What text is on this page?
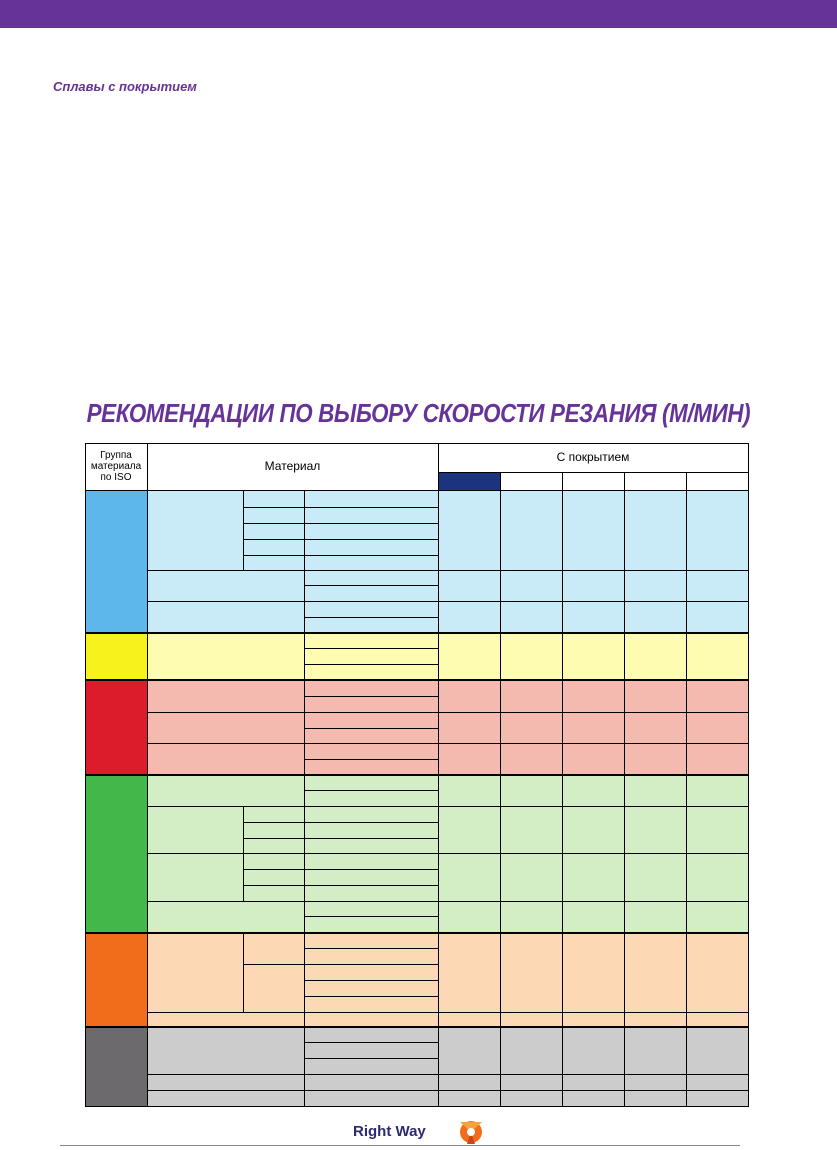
Сплавы с покрытием
РЕКОМЕНДАЦИИ ПО ВЫБОРУ СКОРОСТИ РЕЗАНИЯ (М/МИН)
Группа материала по ISO
Материал
С покрытием
Right Way
